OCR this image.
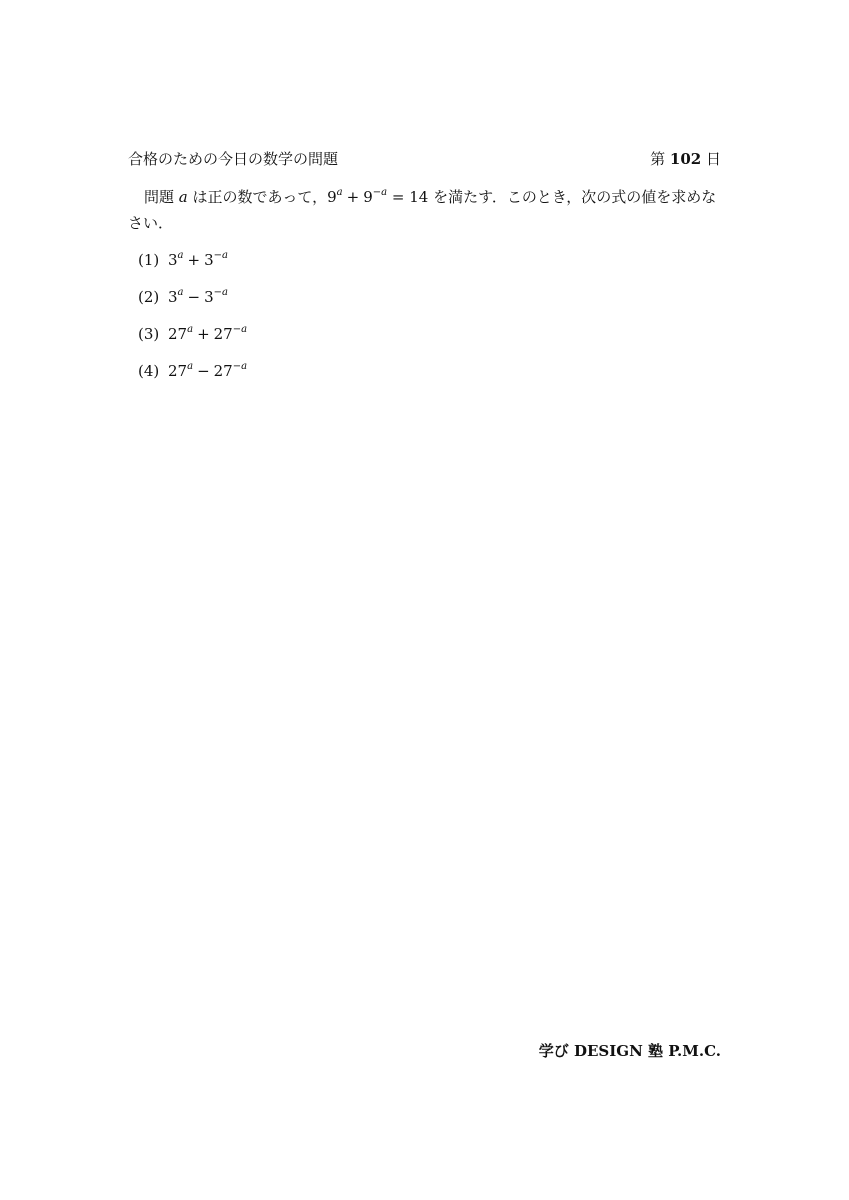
合格のための今日の数学の問題	第 102 日
問題 a は正の数であって，$9^a + 9^{-a} = 14$ を満たす．このとき，次の式の値を求めなさい．
(1) $3^a + 3^{-a}$
(2) $3^a - 3^{-a}$
(3) $27^a + 27^{-a}$
(4) $27^a - 27^{-a}$
学び DESIGN 塾 P.M.C.
